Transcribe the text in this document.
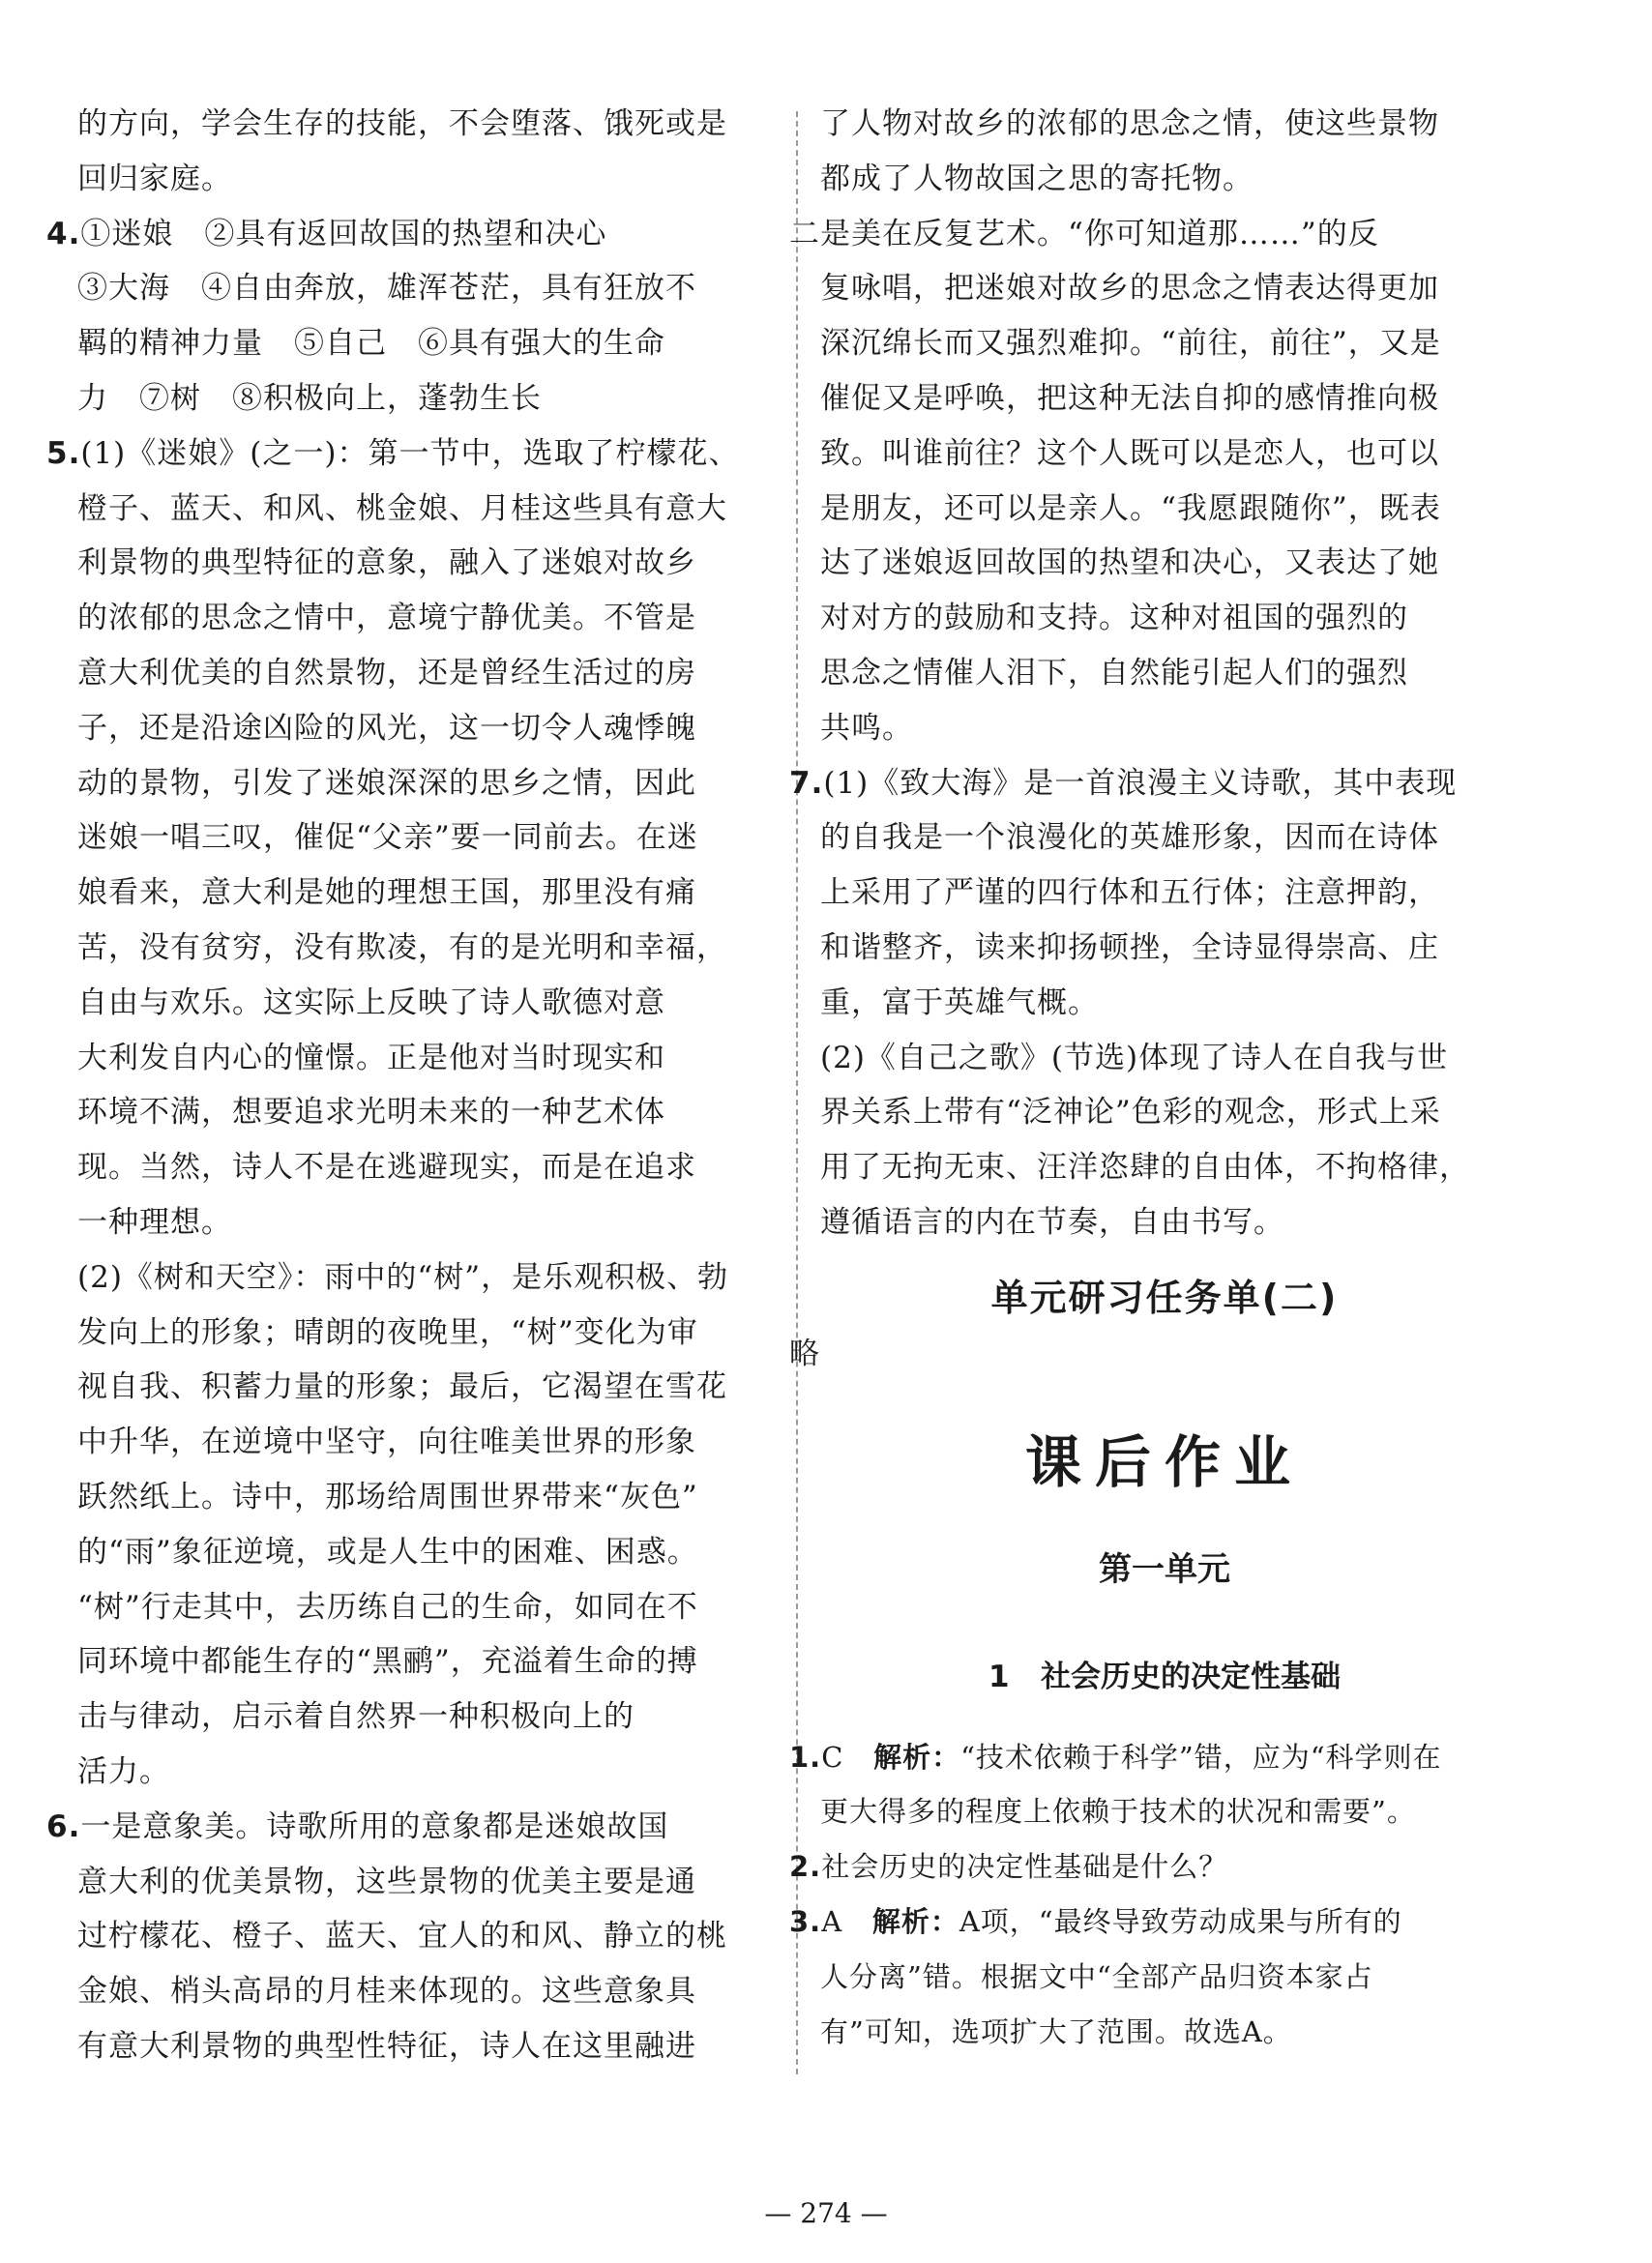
的方向，学会生存的技能，不会堕落、饿死或是

回归家庭。

4.①迷娘　②具有返回故国的热望和决心

③大海　④自由奔放，雄浑苍茫，具有狂放不

羁的精神力量　⑤自己　⑥具有强大的生命

力　⑦树　⑧积极向上，蓬勃生长

5.(1)《迷娘》(之一)：第一节中，选取了柠檬花、

橙子、蓝天、和风、桃金娘、月桂这些具有意大

利景物的典型特征的意象，融入了迷娘对故乡

的浓郁的思念之情中，意境宁静优美。不管是

意大利优美的自然景物，还是曾经生活过的房

子，还是沿途凶险的风光，这一切令人魂悸魄

动的景物，引发了迷娘深深的思乡之情，因此

迷娘一唱三叹，催促“父亲”要一同前去。在迷

娘看来，意大利是她的理想王国，那里没有痛

苦，没有贫穷，没有欺凌，有的是光明和幸福，

自由与欢乐。这实际上反映了诗人歌德对意

大利发自内心的憧憬。正是他对当时现实和

环境不满，想要追求光明未来的一种艺术体

现。当然，诗人不是在逃避现实，而是在追求

一种理想。

(2)《树和天空》：雨中的“树”，是乐观积极、勃

发向上的形象；晴朗的夜晚里，“树”变化为审

视自我、积蓄力量的形象；最后，它渴望在雪花

中升华，在逆境中坚守，向往唯美世界的形象

跃然纸上。诗中，那场给周围世界带来“灰色”

的“雨”象征逆境，或是人生中的困难、困惑。

“树”行走其中，去历练自己的生命，如同在不

同环境中都能生存的“黑鹂”，充溢着生命的搏

击与律动，启示着自然界一种积极向上的

活力。

6.一是意象美。诗歌所用的意象都是迷娘故国

意大利的优美景物，这些景物的优美主要是通

过柠檬花、橙子、蓝天、宜人的和风、静立的桃

金娘、梢头高昂的月桂来体现的。这些意象具

有意大利景物的典型性特征，诗人在这里融进

了人物对故乡的浓郁的思念之情，使这些景物

都成了人物故国之思的寄托物。

二是美在反复艺术。“你可知道那……”的反

复咏唱，把迷娘对故乡的思念之情表达得更加

深沉绵长而又强烈难抑。“前往，前往”，又是

催促又是呼唤，把这种无法自抑的感情推向极

致。叫谁前往？这个人既可以是恋人，也可以

是朋友，还可以是亲人。“我愿跟随你”，既表

达了迷娘返回故国的热望和决心，又表达了她

对对方的鼓励和支持。这种对祖国的强烈的

思念之情催人泪下，自然能引起人们的强烈

共鸣。

7.(1)《致大海》是一首浪漫主义诗歌，其中表现

的自我是一个浪漫化的英雄形象，因而在诗体

上采用了严谨的四行体和五行体；注意押韵，

和谐整齐，读来抑扬顿挫，全诗显得崇高、庄

重，富于英雄气概。

(2)《自己之歌》(节选)体现了诗人在自我与世

界关系上带有“泛神论”色彩的观念，形式上采

用了无拘无束、汪洋恣肆的自由体，不拘格律，

遵循语言的内在节奏，自由书写。

单元研习任务单(二)

略

课后作业

第一单元

1 社会历史的决定性基础

1.C 解析：“技术依赖于科学”错，应为“科学则在

更大得多的程度上依赖于技术的状况和需要”。

2.社会历史的决定性基础是什么？

3.A 解析：A项，“最终导致劳动成果与所有的

人分离”错。根据文中“全部产品归资本家占

有”可知，选项扩大了范围。故选A。

— 274 —
